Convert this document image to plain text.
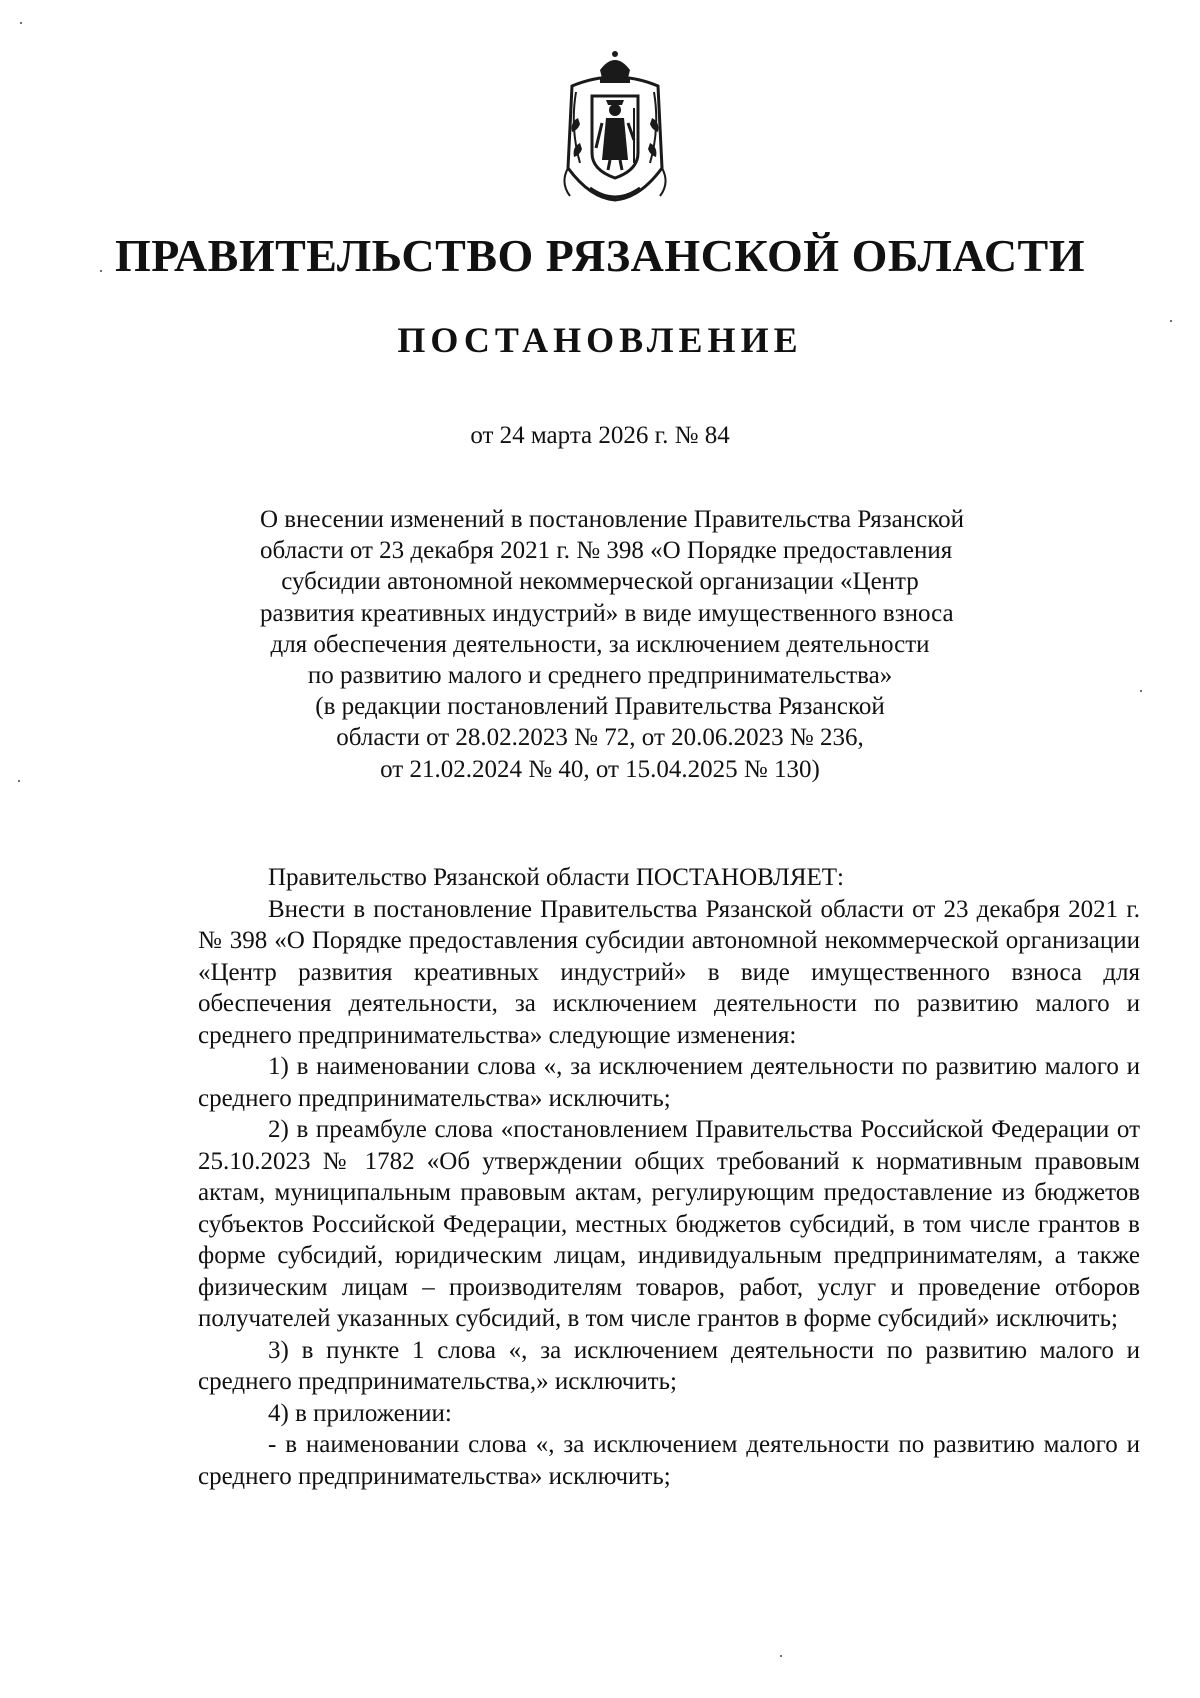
ПРАВИТЕЛЬСТВО РЯЗАНСКОЙ ОБЛАСТИ
ПОСТАНОВЛЕНИЕ
от 24 марта 2026 г. № 84
О внесении изменений в постановление Правительства Рязанской
области от 23 декабря 2021 г. № 398 «О Порядке предоставления
субсидии автономной некоммерческой организации «Центр
развития креативных индустрий» в виде имущественного взноса
для обеспечения деятельности, за исключением деятельности
по развитию малого и среднего предпринимательства»
(в редакции постановлений Правительства Рязанской
области от 28.02.2023 № 72, от 20.06.2023 № 236,
от 21.02.2024 № 40, от 15.04.2025 № 130)

Правительство Рязанской области ПОСТАНОВЛЯЕТ:

Внести в постановление Правительства Рязанской области от 23 декабря 2021 г. № 398 «О Порядке предоставления субсидии автономной некоммерческой организации «Центр развития креативных индустрий» в виде имущественного взноса для обеспечения деятельности, за исключением деятельности по развитию малого и среднего предпринимательства» следующие изменения:

1) в наименовании слова «, за исключением деятельности по развитию малого и среднего предпринимательства» исключить;

2) в преамбуле слова «постановлением Правительства Российской Федерации от 25.10.2023 № 1782 «Об утверждении общих требований к нормативным правовым актам, муниципальным правовым актам, регулирующим предоставление из бюджетов субъектов Российской Федерации, местных бюджетов субсидий, в том числе грантов в форме субсидий, юридическим лицам, индивидуальным предпринимателям, а также физическим лицам – производителям товаров, работ, услуг и проведение отборов получателей указанных субсидий, в том числе грантов в форме субсидий» исключить;

3) в пункте 1 слова «, за исключением деятельности по развитию малого и среднего предпринимательства,» исключить;

4) в приложении:

- в наименовании слова «, за исключением деятельности по развитию малого и среднего предпринимательства» исключить;
